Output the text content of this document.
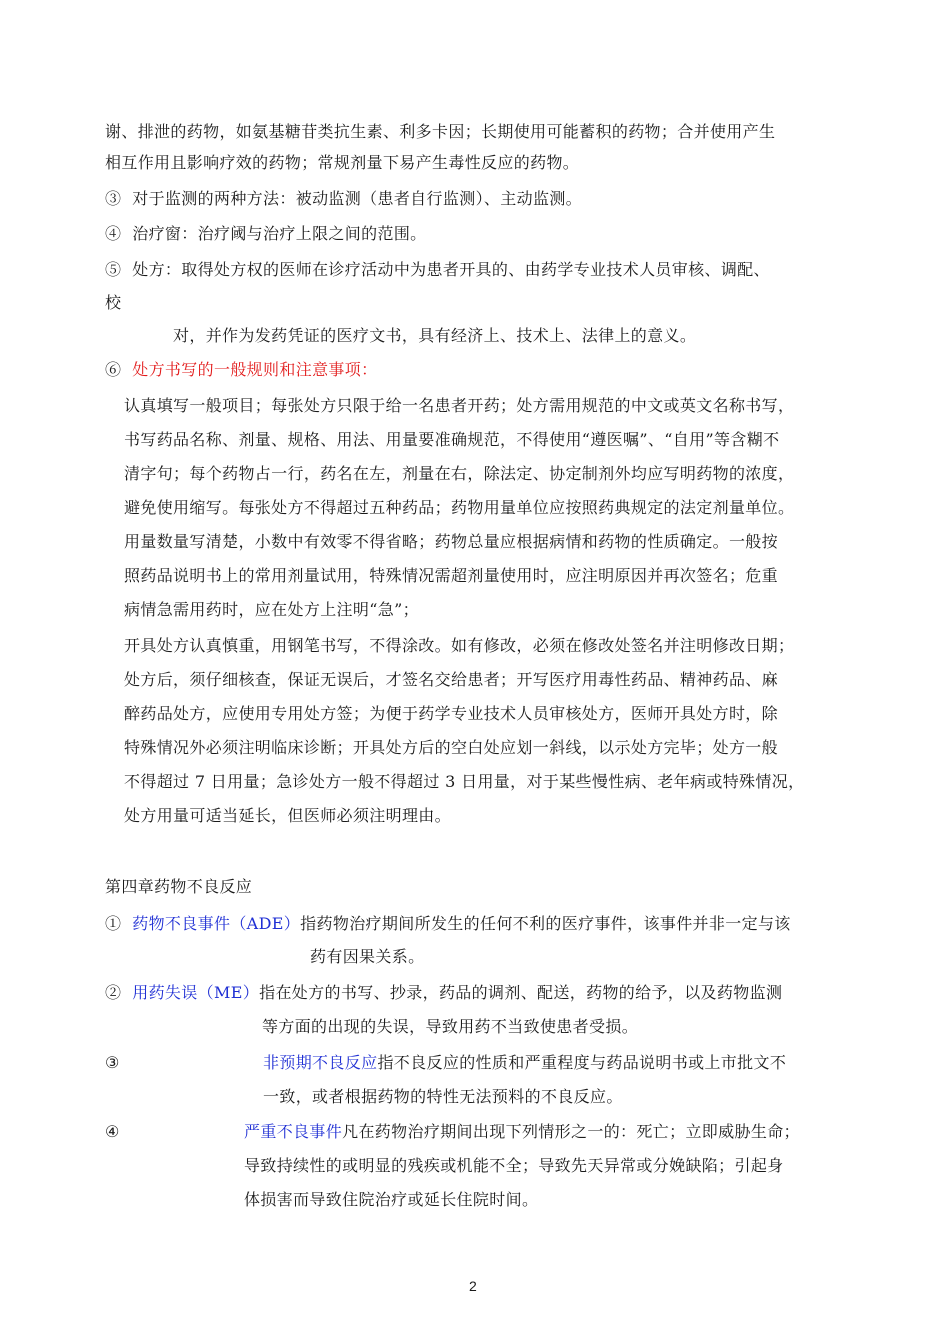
谢、排泄的药物，如氨基糖苷类抗生素、利多卡因；长期使用可能蓄积的药物；合并使用产生
相互作用且影响疗效的药物；常规剂量下易产生毒性反应的药物。
③ 对于监测的两种方法：被动监测（患者自行监测）、主动监测。
④ 治疗窗：治疗阈与治疗上限之间的范围。
⑤ 处方：取得处方权的医师在诊疗活动中为患者开具的、由药学专业技术人员审核、调配、
校
对，并作为发药凭证的医疗文书，具有经济上、技术上、法律上的意义。
⑥ 处方书写的一般规则和注意事项：
认真填写一般项目；每张处方只限于给一名患者开药；处方需用规范的中文或英文名称书写，
书写药品名称、剂量、规格、用法、用量要准确规范，不得使用“遵医嘱”、“自用”等含糊不
清字句；每个药物占一行，药名在左，剂量在右，除法定、协定制剂外均应写明药物的浓度，
避免使用缩写。每张处方不得超过五种药品；药物用量单位应按照药典规定的法定剂量单位。
用量数量写清楚，小数中有效零不得省略；药物总量应根据病情和药物的性质确定。一般按
照药品说明书上的常用剂量试用，特殊情况需超剂量使用时，应注明原因并再次签名；危重
病情急需用药时，应在处方上注明“急”；
开具处方认真慎重，用钢笔书写，不得涂改。如有修改，必须在修改处签名并注明修改日期；
处方后，须仔细核查，保证无误后，才签名交给患者；开写医疗用毒性药品、精神药品、麻
醉药品处方，应使用专用处方签；为便于药学专业技术人员审核处方，医师开具处方时，除
特殊情况外必须注明临床诊断；开具处方后的空白处应划一斜线，以示处方完毕；处方一般
不得超过 7 日用量；急诊处方一般不得超过 3 日用量，对于某些慢性病、老年病或特殊情况，
处方用量可适当延长，但医师必须注明理由。
第四章药物不良反应
① 药物不良事件（ADE）指药物治疗期间所发生的任何不利的医疗事件，该事件并非一定与该
药有因果关系。
② 用药失误（ME）指在处方的书写、抄录，药品的调剂、配送，药物的给予，以及药物监测
等方面的出现的失误，导致用药不当致使患者受损。
③	非预期不良反应指不良反应的性质和严重程度与药品说明书或上市批文不
一致，或者根据药物的特性无法预料的不良反应。
④	严重不良事件凡在药物治疗期间出现下列情形之一的：死亡；立即威胁生命；
导致持续性的或明显的残疾或机能不全；导致先天异常或分娩缺陷；引起身
体损害而导致住院治疗或延长住院时间。
2
